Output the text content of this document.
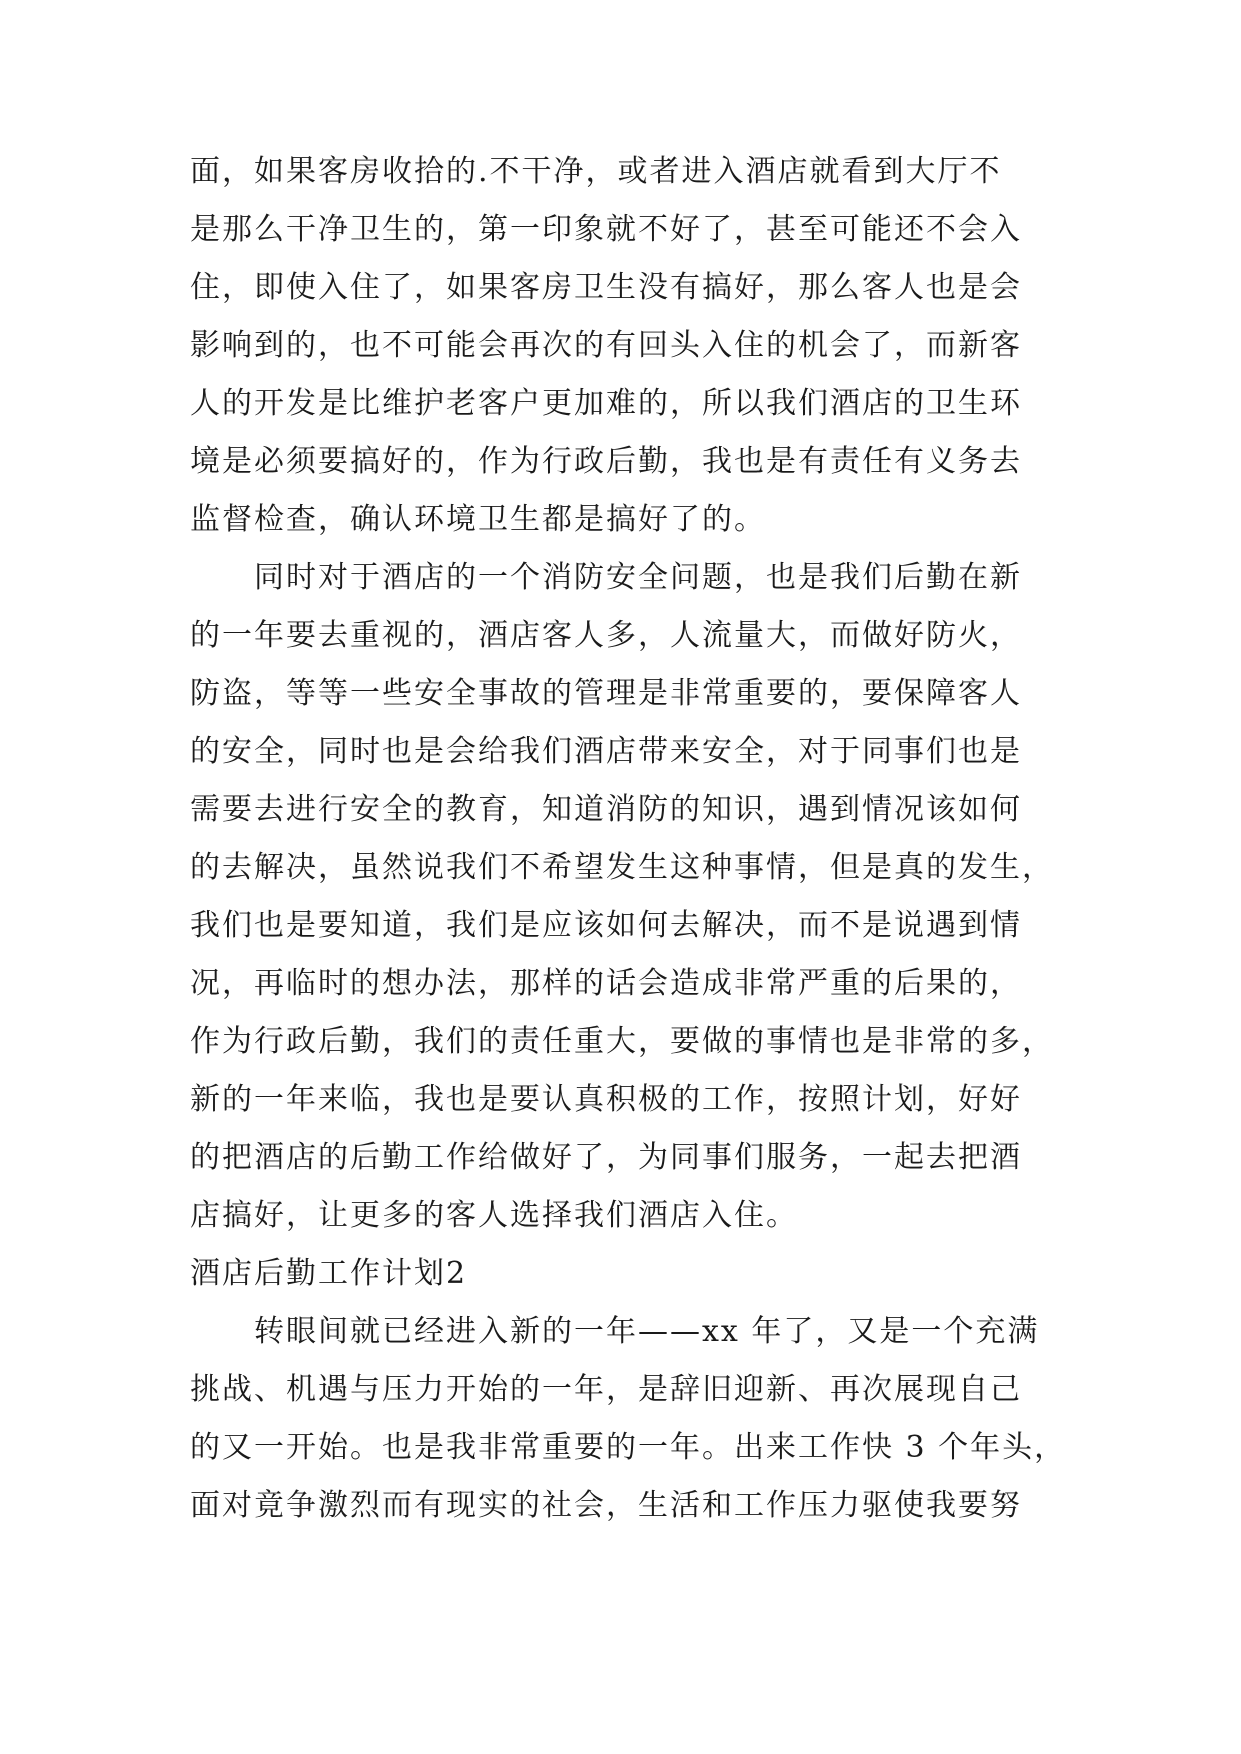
面，如果客房收拾的.不干净，或者进入酒店就看到大厅不
是那么干净卫生的，第一印象就不好了，甚至可能还不会入
住，即使入住了，如果客房卫生没有搞好，那么客人也是会
影响到的，也不可能会再次的有回头入住的机会了，而新客
人的开发是比维护老客户更加难的，所以我们酒店的卫生环
境是必须要搞好的，作为行政后勤，我也是有责任有义务去
监督检查，确认环境卫生都是搞好了的。
同时对于酒店的一个消防安全问题，也是我们后勤在新
的一年要去重视的，酒店客人多，人流量大，而做好防火，
防盗，等等一些安全事故的管理是非常重要的，要保障客人
的安全，同时也是会给我们酒店带来安全，对于同事们也是
需要去进行安全的教育，知道消防的知识，遇到情况该如何
的去解决，虽然说我们不希望发生这种事情，但是真的发生，
我们也是要知道，我们是应该如何去解决，而不是说遇到情
况，再临时的想办法，那样的话会造成非常严重的后果的，
作为行政后勤，我们的责任重大，要做的事情也是非常的多，
新的一年来临，我也是要认真积极的工作，按照计划，好好
的把酒店的后勤工作给做好了，为同事们服务，一起去把酒
店搞好，让更多的客人选择我们酒店入住。
酒店后勤工作计划2
转眼间就已经进入新的一年——xx 年了，又是一个充满
挑战、机遇与压力开始的一年，是辞旧迎新、再次展现自己
的又一开始。也是我非常重要的一年。出来工作快 3 个年头，
面对竟争激烈而有现实的社会，生活和工作压力驱使我要努
